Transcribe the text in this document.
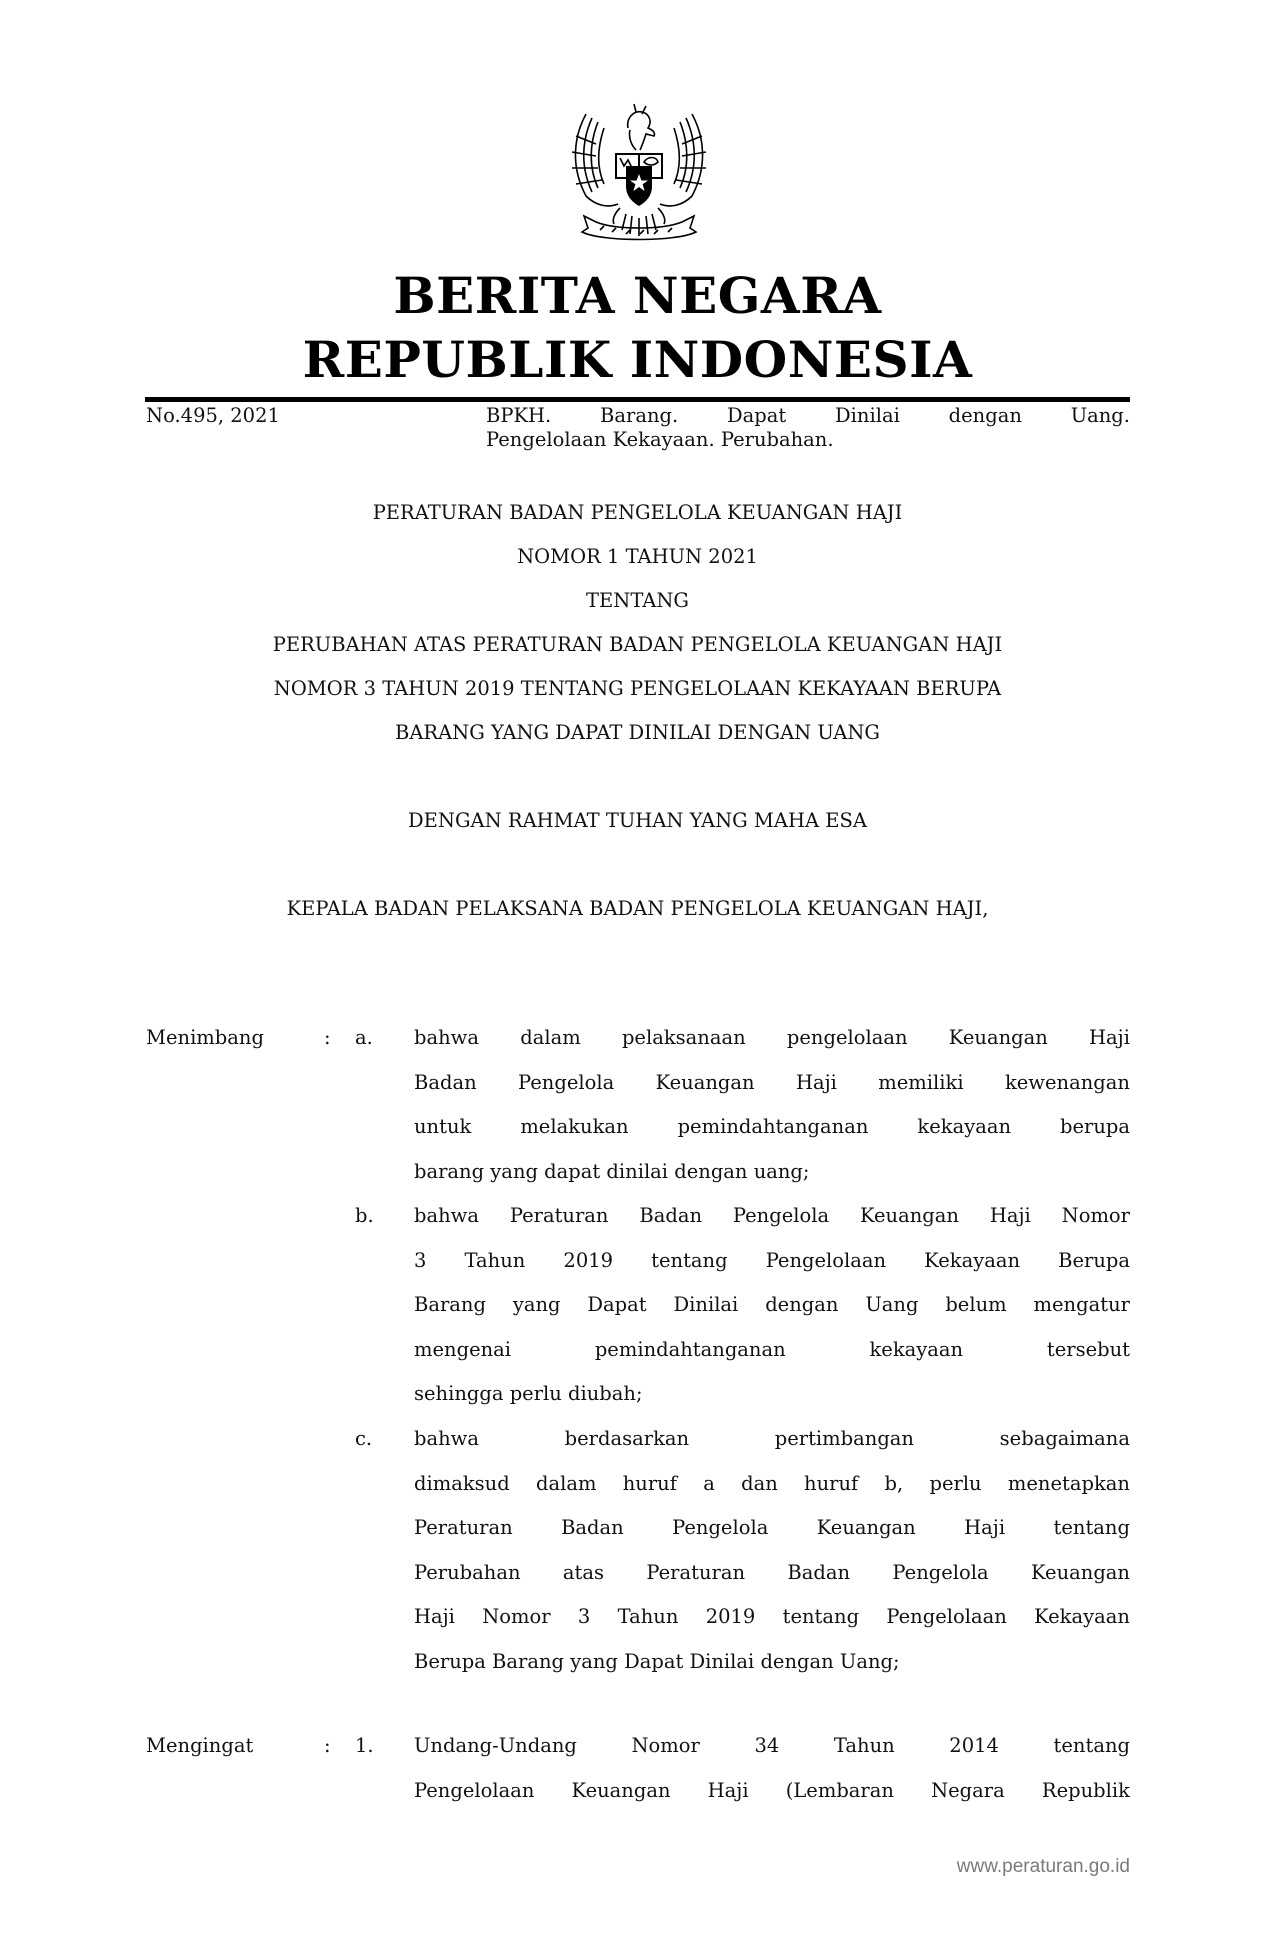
BERITA NEGARA
REPUBLIK INDONESIA
No.495, 2021	BPKH.	Barang.	Dapat	Dinilai	dengan	Uang.
Pengelolaan Kekayaan. Perubahan.
PERATURAN BADAN PENGELOLA KEUANGAN HAJI
NOMOR 1 TAHUN 2021
TENTANG
PERUBAHAN ATAS PERATURAN BADAN PENGELOLA KEUANGAN HAJI
NOMOR 3 TAHUN 2019 TENTANG PENGELOLAAN KEKAYAAN BERUPA
BARANG YANG DAPAT DINILAI DENGAN UANG
DENGAN RAHMAT TUHAN YANG MAHA ESA
KEPALA BADAN PELAKSANA BADAN PENGELOLA KEUANGAN HAJI,
Menimbang	: a. bahwa dalam pelaksanaan pengelolaan Keuangan Haji
Badan Pengelola Keuangan Haji memiliki kewenangan
untuk	melakukan	pemindahtanganan	kekayaan	berupa
barang yang dapat dinilai dengan uang;
b. bahwa Peraturan Badan Pengelola Keuangan Haji Nomor
3 Tahun 2019 tentang Pengelolaan Kekayaan Berupa
Barang yang Dapat Dinilai dengan Uang belum mengatur
mengenai	pemindahtanganan	kekayaan	tersebut
sehingga perlu diubah;
c. bahwa	berdasarkan	pertimbangan	sebagaimana
dimaksud dalam huruf a dan huruf b, perlu menetapkan
Peraturan Badan Pengelola Keuangan Haji tentang
Perubahan atas Peraturan Badan Pengelola Keuangan
Haji Nomor 3 Tahun 2019 tentang Pengelolaan Kekayaan
Berupa Barang yang Dapat Dinilai dengan Uang;
Mengingat	: 1. Undang-Undang	Nomor	34	Tahun	2014	tentang
Pengelolaan Keuangan Haji (Lembaran Negara Republik
www.peraturan.go.id
